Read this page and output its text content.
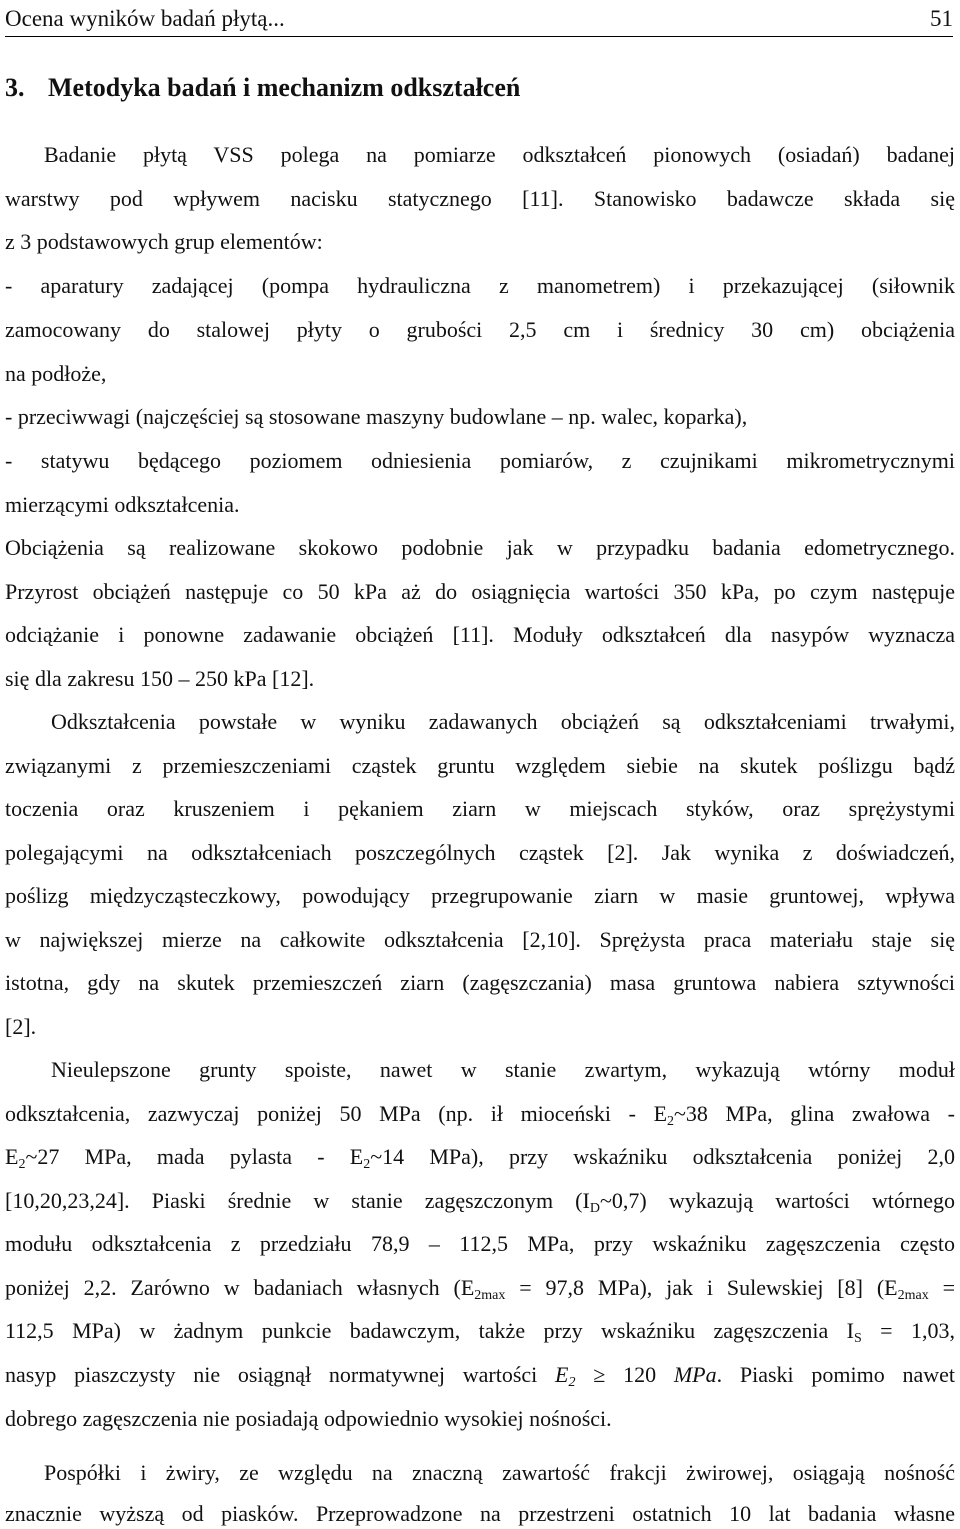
Ocena wyników badań płytą...	51
3. Metodyka badań i mechanizm odkształceń
Badanie płytą VSS polega na pomiarze odkształceń pionowych (osiadań) badanej
warstwy pod wpływem nacisku statycznego [11]. Stanowisko badawcze składa się
z 3 podstawowych grup elementów:
- aparatury zadającej (pompa hydrauliczna z manometrem) i przekazującej (siłownik
zamocowany do stalowej płyty o grubości 2,5 cm i średnicy 30 cm) obciążenia
na podłoże,
- przeciwwagi (najczęściej są stosowane maszyny budowlane – np. walec, koparka),
- statywu będącego poziomem odniesienia pomiarów, z czujnikami mikrometrycznymi
mierzącymi odkształcenia.
Obciążenia są realizowane skokowo podobnie jak w przypadku badania edometrycznego.
Przyrost obciążeń następuje co 50 kPa aż do osiągnięcia wartości 350 kPa, po czym następuje
odciążanie i ponowne zadawanie obciążeń [11]. Moduły odkształceń dla nasypów wyznacza
się dla zakresu 150 – 250 kPa [12].
Odkształcenia powstałe w wyniku zadawanych obciążeń są odkształceniami trwałymi,
związanymi z przemieszczeniami cząstek gruntu względem siebie na skutek poślizgu bądź
toczenia oraz kruszeniem i pękaniem ziarn w miejscach styków, oraz sprężystymi
polegającymi na odkształceniach poszczególnych cząstek [2]. Jak wynika z doświadczeń,
poślizg międzycząsteczkowy, powodujący przegrupowanie ziarn w masie gruntowej, wpływa
w największej mierze na całkowite odkształcenia [2,10]. Sprężysta praca materiału staje się
istotna, gdy na skutek przemieszczeń ziarn (zagęszczania) masa gruntowa nabiera sztywności
[2].
Nieulepszone grunty spoiste, nawet w stanie zwartym, wykazują wtórny moduł
odkształcenia, zazwyczaj poniżej 50 MPa (np. ił mioceński - $E_2\sim 38$ MPa, glina zwałowa -
$E_2\sim 27$ MPa, mada pylasta - $E_2\sim 14$ MPa), przy wskaźniku odkształcenia poniżej 2,0
[10,20,23,24]. Piaski średnie w stanie zagęszczonym $(I_D\sim 0,7)$ wykazują wartości wtórnego
modułu odkształcenia z przedziału 78,9 – 112,5 MPa, przy wskaźniku zagęszczenia często
poniżej 2,2. Zarówno w badaniach własnych ($E_{2max} = 97,8$ MPa), jak i Sulewskiej [8] ($E_{2max}$ =
112,5 MPa) w żadnym punkcie badawczym, także przy wskaźniku zagęszczenia $I_S = 1,03$,
nasyp piaszczysty nie osiągnął normatywnej wartości $E_2 \ge 120$ MPa. Piaski pomimo nawet
dobrego zagęszczenia nie posiadają odpowiednio wysokiej nośności.
Pospółki i żwiry, ze względu na znaczną zawartość frakcji żwirowej, osiągają nośność
znacznie wyższą od piasków. Przeprowadzone na przestrzeni ostatnich 10 lat badania własne
